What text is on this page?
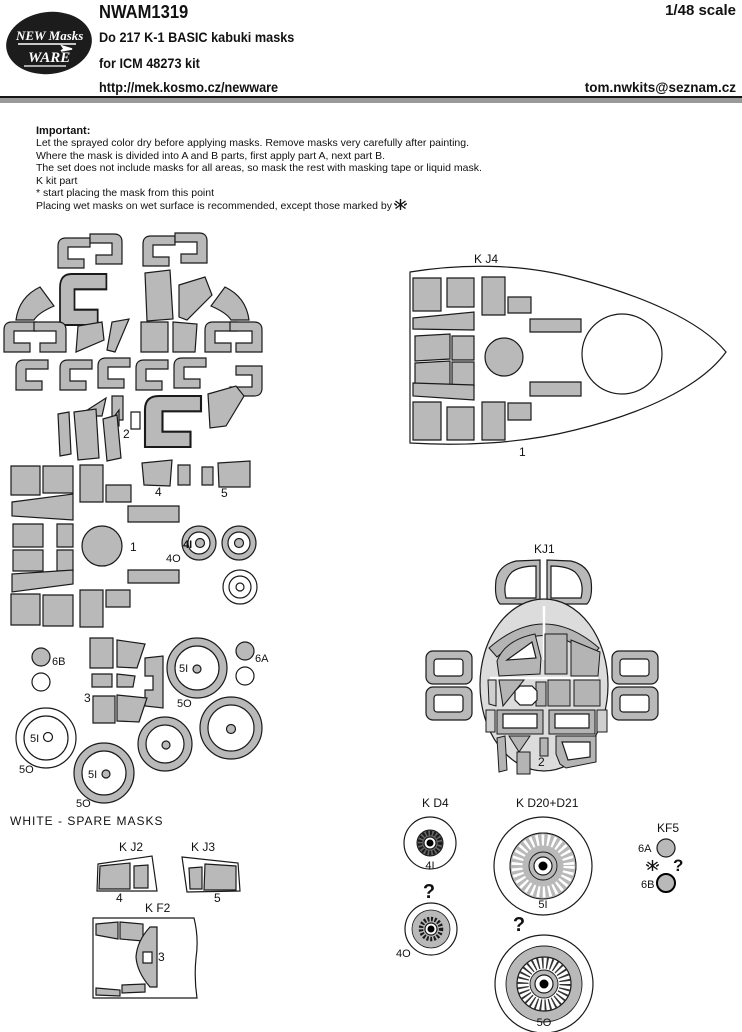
NEW Masks
WARE
NWAM1319
Do 217 K-1 BASIC kabuki masks
for ICM 48273 kit
http://mek.kosmo.cz/newware
1/48 scale
tom.nwkits@seznam.cz
Important:
Let the sprayed color dry before applying masks. Remove masks very carefully after painting.
Where the mask is divided into A and B parts, first apply part A, next part B.
The set does not include masks for all areas, so mask the rest with masking tape or liquid mask.
K kit part
* start placing the mask from this point
Placing wet masks on wet surface is recommended, except those marked by
2
K J4
1
1
4	5
4I
4O
6B
3
5I
5O
6A
5I
5O	5I
5O
WHITE - SPARE MASKS
KJ1
2
K D4
4I
?
4O
K D20+D21
5I
?
5O
KF5
6A
?
6B
K J2
4
K J3
5
K F2
3
